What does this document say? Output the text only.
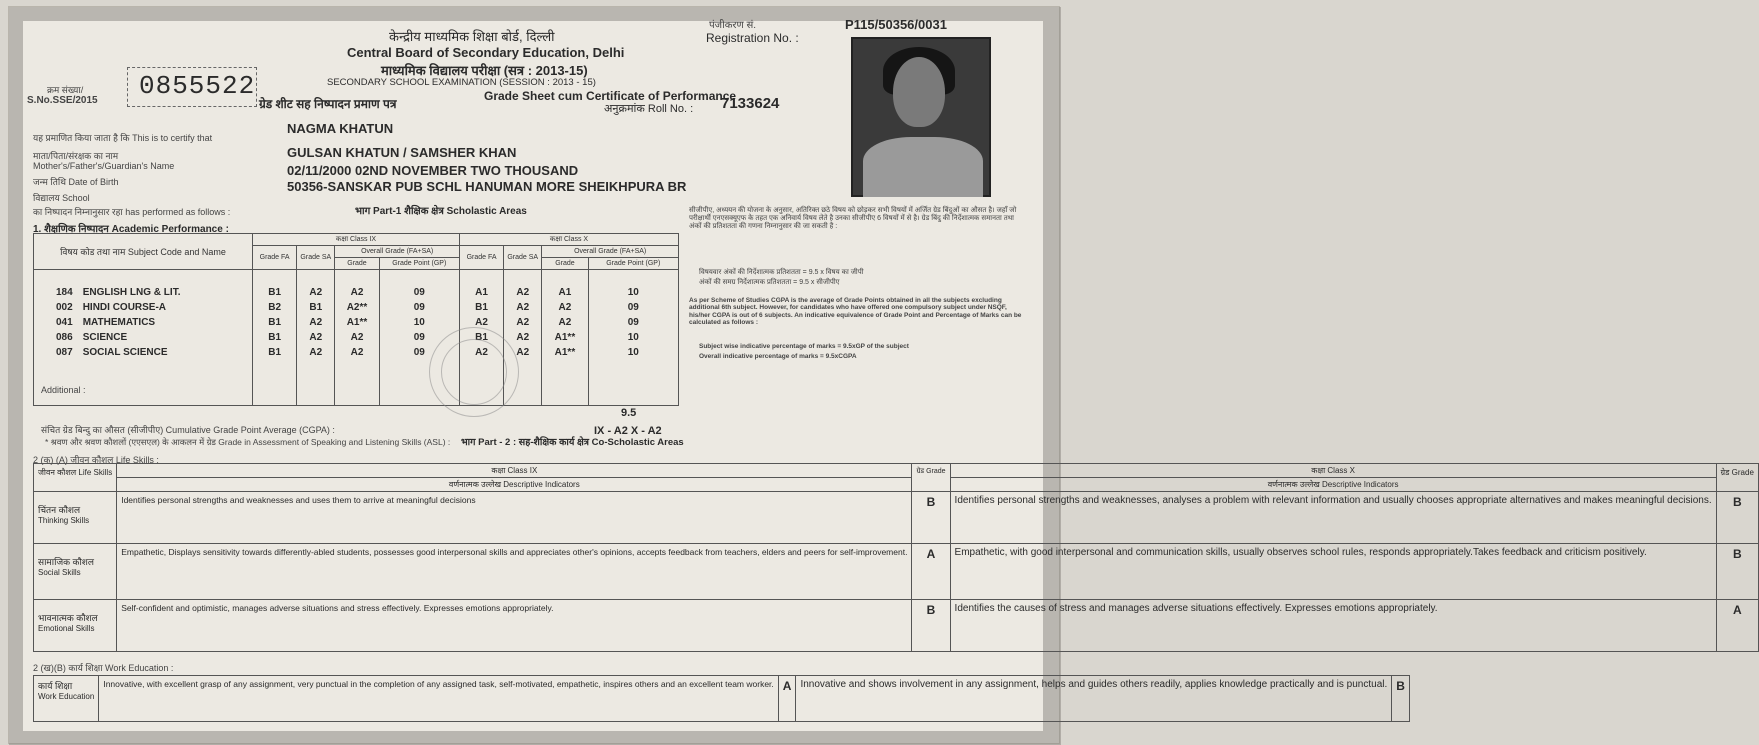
क्रम संख्या/
S.No.SSE/2015 0855522
केन्द्रीय माध्यमिक शिक्षा बोर्ड, दिल्ली
Central Board of Secondary Education, Delhi
माध्यमिक विद्यालय परीक्षा (सत्र : 2013-15)
SECONDARY SCHOOL EXAMINATION (SESSION : 2013 - 15)
ग्रेड शीट सह निष्पादन प्रमाण पत्र
Grade Sheet cum Certificate of Performance
पंजीकरण सं.
Registration No. :
P115/50356/0031
अनुक्रमांक Roll No. : 7133624
यह प्रमाणित किया जाता है कि This is to certify that
NAGMA KHATUN
माता/पिता/संरक्षक का नाम
Mother's/Father's/Guardian's Name
GULSAN KHATUN / SAMSHER KHAN
जन्म तिथि Date of Birth
02/11/2000 02ND NOVEMBER TWO THOUSAND
विद्यालय School
50356-SANSKAR PUB SCHL HANUMAN MORE SHEIKHPURA BR
का निष्पादन निम्नानुसार रहा has performed as follows :	भाग Part-1 शैक्षिक क्षेत्र Scholastic Areas
1. शैक्षणिक निष्पादन Academic Performance :
विषय कोड तथा नाम Subject Code and Name	कक्षा Class IX				कक्षा Class X			
	Grade FA	Grade SA	Overall Grade (FA+SA)		Grade FA	Grade SA	Overall Grade (FA+SA)	
			Grade	Grade Point (GP)			Grade	Grade Point (GP)
184 ENGLISH LNG & LIT.	B1	A2	A2	09	A1	A2	A1	10
002 HINDI COURSE-A	B2	B1	A2**	09	B1	A2	A2	09
041 MATHEMATICS	B1	A2	A1**	10	A2	A2	A2	09
086 SCIENCE	B1	A2	A2	09	B1	A2	A1**	10
087 SOCIAL SCIENCE	B1	A2	A2	09	A2	A2	A1**	10

Additional :
9.5
संचित ग्रेड बिन्दु का औसत (सीजीपीए) Cumulative Grade Point Average (CGPA) :
* श्रवण और श्रवण कौशलों (एएसएल) के आकलन में ग्रेड Grade in Assessment of Speaking and Listening Skills (ASL) :
IX - A2 X - A2
सीजीपीए, अध्ययन की योजना के अनुसार, अतिरिक्त छठे विषय को छोड़कर सभी विषयों में अर्जित ग्रेड बिंदुओं का औसत है। जहाँ जो परीक्षार्थी एनएसक्यूएफ के तहत एक अनिवार्य विषय लेते है उनका सीजीपीए 6 विषयों में से है। ग्रेड बिंदु की निर्देशात्मक समानता तथा अंकों की प्रतिशतता की गणना निम्नानुसार की जा सकती है :
विषयवार अंकों की निर्देशात्मक प्रतिशतता = 9.5 x विषय का जीपी
अंकों की समग्र निर्देशात्मक प्रतिशतता = 9.5 x सीजीपीए
As per Scheme of Studies CGPA is the average of Grade Points obtained in all the subjects excluding additional 6th subject. However, for candidates who have offered one compulsory subject under NSQF, his/her CGPA is out of 6 subjects. An indicative equivalence of Grade Point and Percentage of Marks can be calculated as follows :
Subject wise indicative percentage of marks = 9.5xGP of the subject
Overall indicative percentage of marks = 9.5xCGPA
भाग Part - 2 : सह-शैक्षिक कार्य क्षेत्र Co-Scholastic Areas
2 (क) (A) जीवन कौशल Life Skills :
जीवन कौशल Life Skills	कक्षा Class IX	ग्रेड Grade	कक्षा Class X	ग्रेड Grade
	वर्णनात्मक उल्लेख Descriptive Indicators		वर्णनात्मक उल्लेख Descriptive Indicators	

चिंतन कौशल
Thinking Skills	Identifies personal strengths and weaknesses and uses them to arrive at meaningful decisions	B	Identifies personal strengths and weaknesses, analyses a problem with relevant information and usually chooses appropriate alternatives and makes meaningful decisions.	B

सामाजिक कौशल
Social Skills	Empathetic, Displays sensitivity towards differently-abled students, possesses good interpersonal skills and appreciates other's opinions, accepts feedback from teachers, elders and peers for self-improvement.	A	Empathetic, with good interpersonal and communication skills, usually observes school rules, responds appropriately.Takes feedback and criticism positively.	B

भावनात्मक कौशल
Emotional Skills	Self-confident and optimistic, manages adverse situations and stress effectively. Expresses emotions appropriately.	B	Identifies the causes of stress and manages adverse situations effectively. Expresses emotions appropriately.	A
2 (ख)(B) कार्य शिक्षा Work Education :
कार्य शिक्षा
Work Education
	Innovative, with excellent grasp of any assignment, very punctual in the completion of any assigned task, self-motivated, empathetic, inspires others and an excellent team worker.	A	Innovative and shows involvement in any assignment, helps and guides others readily, applies knowledge practically and is punctual.	B
